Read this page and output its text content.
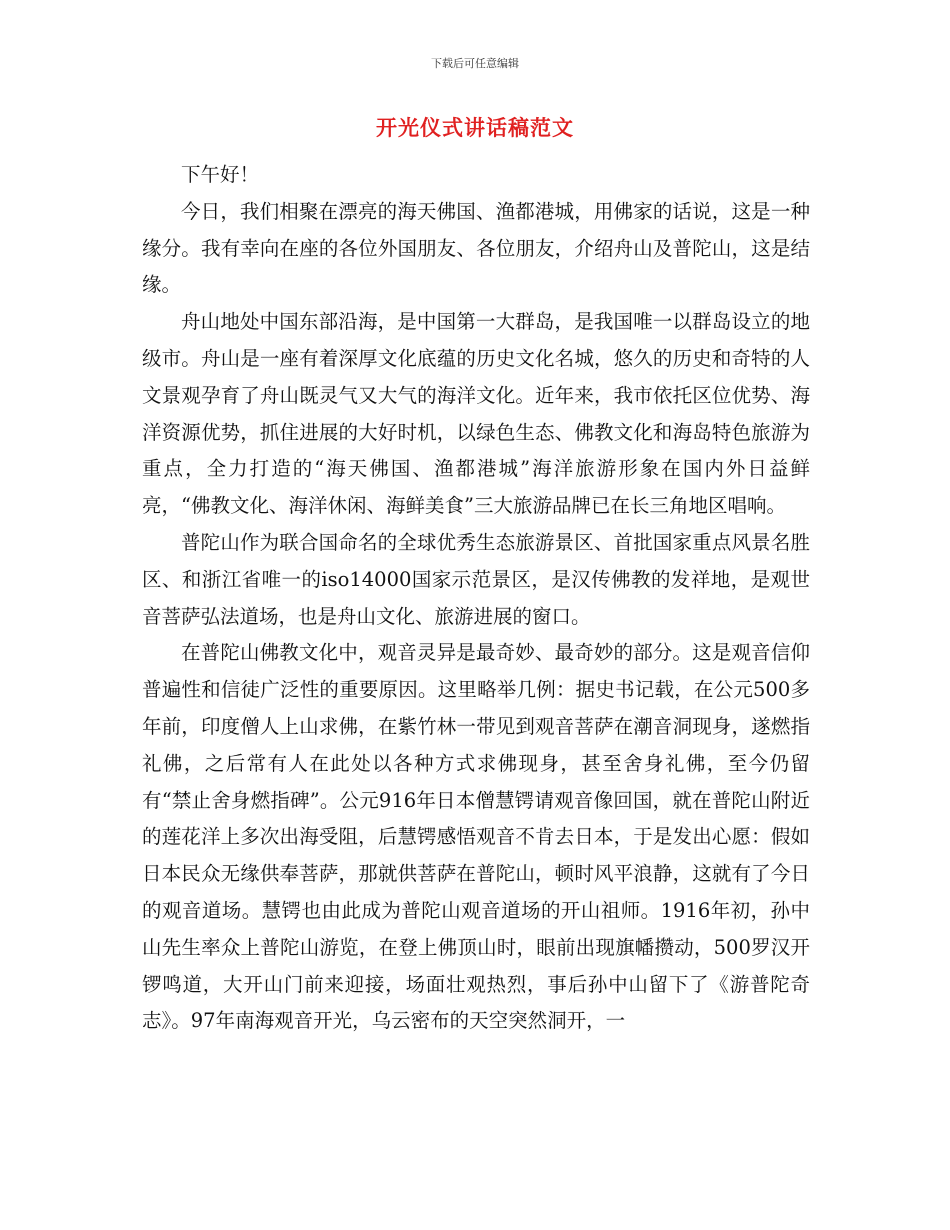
下载后可任意编辑
开光仪式讲话稿范文

下午好！

今日，我们相聚在漂亮的海天佛国、渔都港城，用佛家的话说，这是一种缘分。我有幸向在座的各位外国朋友、各位朋友，介绍舟山及普陀山，这是结缘。

舟山地处中国东部沿海，是中国第一大群岛，是我国唯一以群岛设立的地级市。舟山是一座有着深厚文化底蕴的历史文化名城，悠久的历史和奇特的人文景观孕育了舟山既灵气又大气的海洋文化。近年来，我市依托区位优势、海洋资源优势，抓住进展的大好时机，以绿色生态、佛教文化和海岛特色旅游为重点，全力打造的“海天佛国、渔都港城”海洋旅游形象在国内外日益鲜亮，“佛教文化、海洋休闲、海鲜美食”三大旅游品牌已在长三角地区唱响。

普陀山作为联合国命名的全球优秀生态旅游景区、首批国家重点风景名胜区、和浙江省唯一的iso14000国家示范景区，是汉传佛教的发祥地，是观世音菩萨弘法道场，也是舟山文化、旅游进展的窗口。

在普陀山佛教文化中，观音灵异是最奇妙、最奇妙的部分。这是观音信仰普遍性和信徒广泛性的重要原因。这里略举几例：据史书记载，在公元500多年前，印度僧人上山求佛，在紫竹林一带见到观音菩萨在潮音洞现身，遂燃指礼佛，之后常有人在此处以各种方式求佛现身，甚至舍身礼佛，至今仍留有“禁止舍身燃指碑”。公元916年日本僧慧锷请观音像回国，就在普陀山附近的莲花洋上多次出海受阻，后慧锷感悟观音不肯去日本，于是发出心愿：假如日本民众无缘供奉菩萨，那就供菩萨在普陀山，顿时风平浪静，这就有了今日的观音道场。慧锷也由此成为普陀山观音道场的开山祖师。1916年初，孙中山先生率众上普陀山游览，在登上佛顶山时，眼前出现旗幡攒动，500罗汉开锣鸣道，大开山门前来迎接，场面壮观热烈，事后孙中山留下了《游普陀奇志》。97年南海观音开光，乌云密布的天空突然洞开，一
